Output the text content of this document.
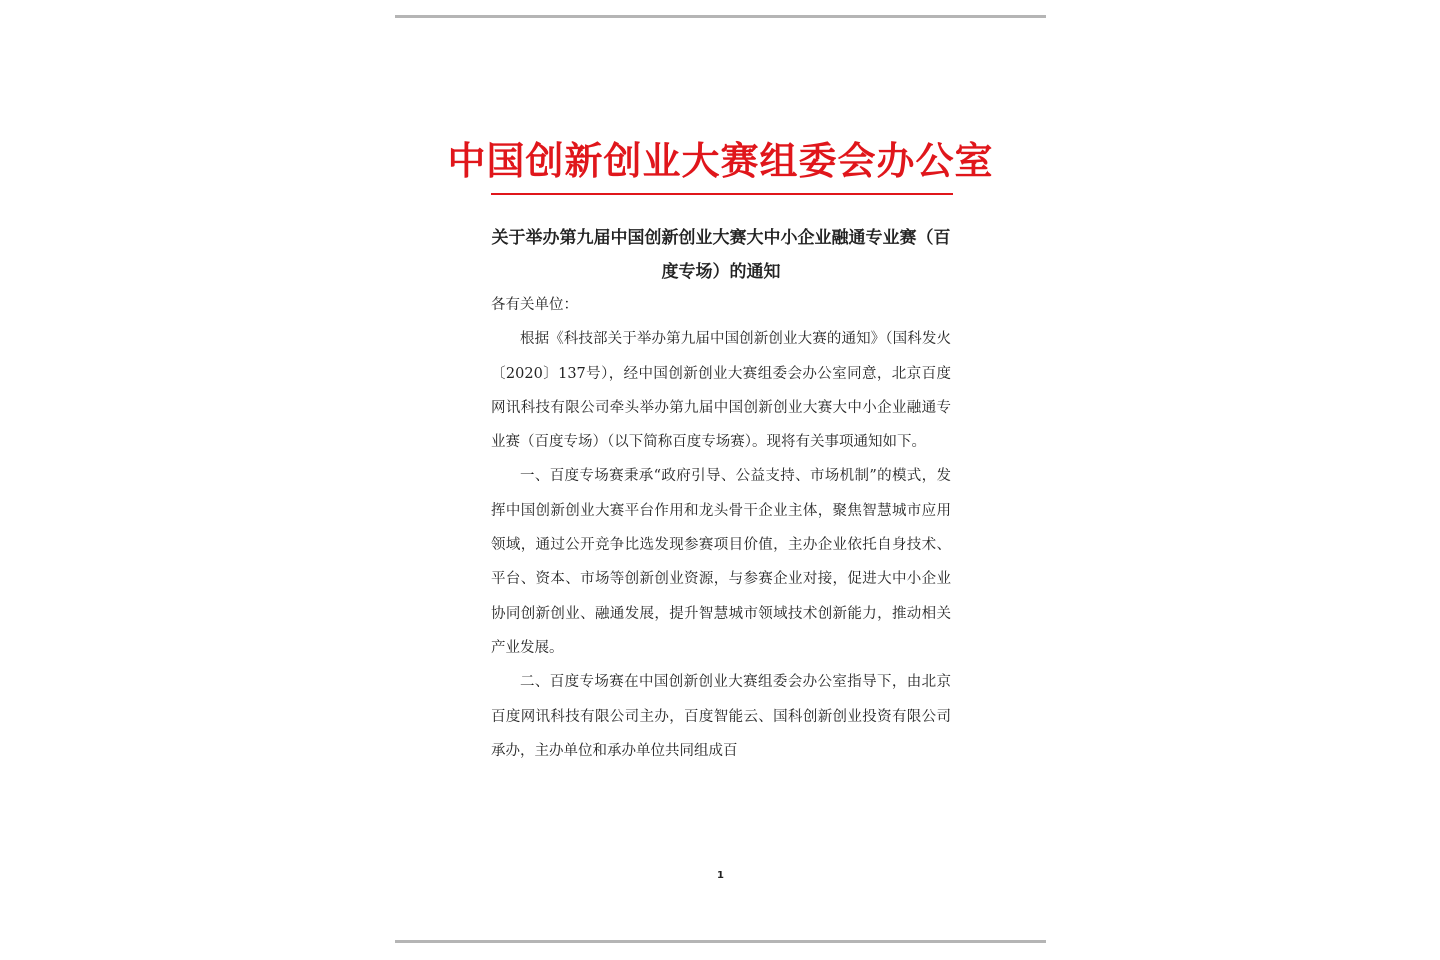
中国创新创业大赛组委会办公室
关于举办第九届中国创新创业大赛大中小企业融通专业赛（百度专场）的通知

各有关单位：

根据《科技部关于举办第九届中国创新创业大赛的通知》（国科发火〔2020〕137号），经中国创新创业大赛组委会办公室同意，北京百度网讯科技有限公司牵头举办第九届中国创新创业大赛大中小企业融通专业赛（百度专场）（以下简称百度专场赛）。现将有关事项通知如下。

一、百度专场赛秉承“政府引导、公益支持、市场机制”的模式，发挥中国创新创业大赛平台作用和龙头骨干企业主体，聚焦智慧城市应用领域，通过公开竞争比选发现参赛项目价值，主办企业依托自身技术、平台、资本、市场等创新创业资源，与参赛企业对接，促进大中小企业协同创新创业、融通发展，提升智慧城市领域技术创新能力，推动相关产业发展。

二、百度专场赛在中国创新创业大赛组委会办公室指导下，由北京百度网讯科技有限公司主办，百度智能云、国科创新创业投资有限公司承办，主办单位和承办单位共同组成百

1
